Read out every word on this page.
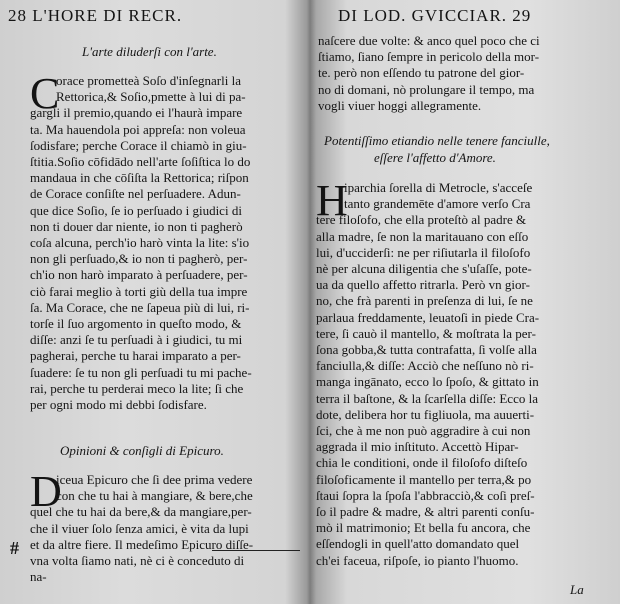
28 L'HORE DI RECR.
L'arte diluderſi con l'arte.
C
orace prometteà Soſo d'inſegnarli la
Rettorica,& Soſio,pmette à lui di pa-
gargli il premio,quando ei l'haurà impare
ta. Ma hauendola poi appreſa: non voleua
ſodisfare; perche Corace il chiamò in giu-
ſtitia.Soſio cōfidādo nell'arte ſoſiſtica lo do
mandaua in che cōſiſta la Rettorica; riſpon
de Corace conſiſte nel perſuadere. Adun-
que dice Soſio, ſe io perſuado i giudici di
non ti douer dar niente, io non ti pagherò
coſa alcuna, perch'io harò vinta la lite: s'io
non gli perſuado,& io non ti pagherò, per-
ch'io non harò imparato à perſuadere, per-
ciò farai meglio à torti giù della tua impre
ſa. Ma Corace, che ne ſapeua più di lui, ri-
torſe il ſuo argomento in queſto modo, &
diſſe: anzi ſe tu perſuadi à i giudici, tu mi
pagherai, perche tu harai imparato a per-
ſuadere: ſe tu non gli perſuadi tu mi pache-
rai, perche tu perderai meco la lite; ſi che
per ogni modo mi debbi ſodisfare.
Opinioni & conſigli di Epicuro.
D
iceua Epicuro che ſi dee prima vedere
con che tu hai à mangiare, & bere,che
quel che tu hai da bere,& da mangiare,per-
che il viuer ſolo ſenza amici, è vita da lupi
et da altre fiere. Il medeſimo Epicuro diſſe-
vna volta ſiamo nati, nè ci è conceduto di
na-
#
DI LOD. GVICCIAR. 29
naſcere due volte: & anco quel poco che ci
ſtiamo, ſiano ſempre in pericolo della mor-
te. però non eſſendo tu patrone del gior-
no di domani, nò prolungare il tempo, ma
vogli viuer hoggi allegramente.
Potentiſſimo etiandio nelle tenere fanciulle,
eſſere l'affetto d'Amore.
H
iparchia ſorella di Metrocle, s'acceſe
tanto grandemēte d'amore verſo Cra
tere filoſofo, che ella proteſtò al padre &
alla madre, ſe non la maritauano con eſſo
lui, d'ucciderſi: ne per riſiutarla il filoſofo
nè per alcuna diligentia che s'uſaſſe, pote-
ua da quello affetto ritrarla. Però vn gior-
no, che frà parenti in preſenza di lui, ſe ne
parlaua freddamente, leuatoſi in piede Cra-
tere, ſi cauò il mantello, & moſtrata la per-
ſona gobba,& tutta contrafatta, ſi volſe alla
fanciulla,& diſſe: Acciò che neſſuno nò ri-
manga ingānato, ecco lo ſpoſo, & gittato in
terra il baſtone, & la ſcarſella diſſe: Ecco la
dote, delibera hor tu figliuola, ma auuerti-
ſci, che à me non può aggradire à cui non
aggrada il mio inſtituto. Accettò Hipar-
chia le conditioni, onde il filoſofo diſteſo
filoſoficamente il mantello per terra,& po
ſtaui ſopra la ſpoſa l'abbracciò,& coſi preſ-
ſo il padre & madre, & altri parenti conſu-
mò il matrimonio; Et bella fu ancora, che
eſſendogli in quell'atto domandato quel
ch'ei faceua, riſpoſe, io pianto l'huomo.
La
